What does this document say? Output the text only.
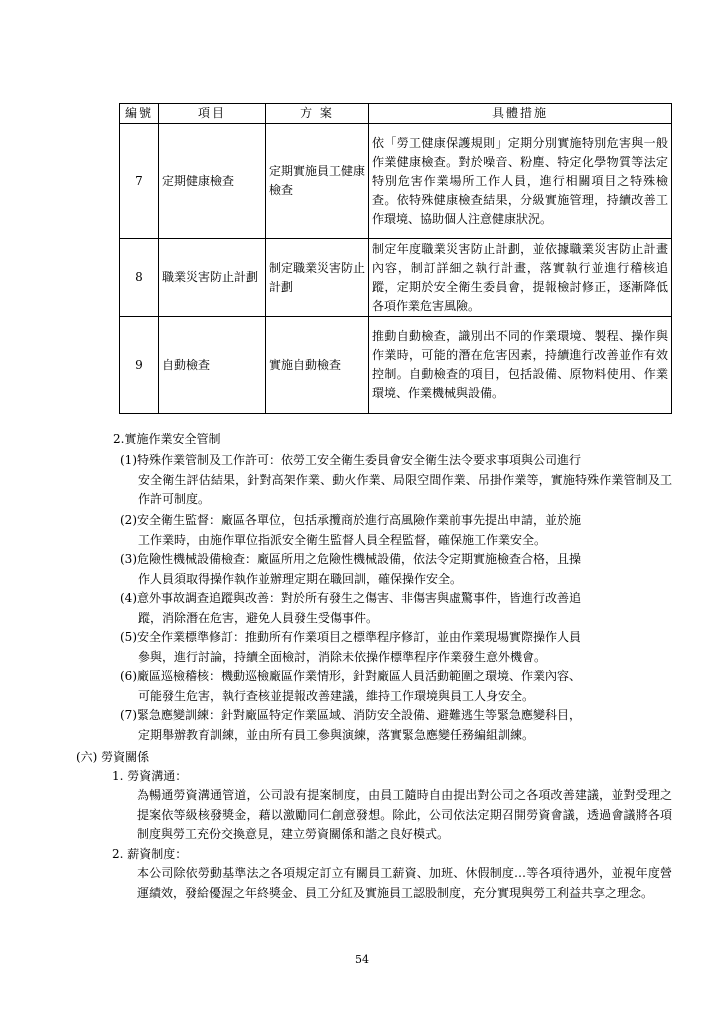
編號	項目	方 案	具體措施
7	定期健康檢查	定期實施員工健康檢查	依「勞工健康保護規則」定期分別實施特別危害與一般作業健康檢查。對於噪音、粉塵、特定化學物質等法定特別危害作業場所工作人員，進行相關項目之特殊檢查。依特殊健康檢查結果，分級實施管理，持續改善工作環境、協助個人注意健康狀況。
8	職業災害防止計劃	制定職業災害防止計劃	制定年度職業災害防止計劃，並依據職業災害防止計畫內容，制訂詳細之執行計畫，落實執行並進行稽核追蹤，定期於安全衛生委員會，提報檢討修正，逐漸降低各項作業危害風險。
9	自動檢查	實施自動檢查	推動自動檢查，識別出不同的作業環境、製程、操作與作業時，可能的潛在危害因素，持續進行改善並作有效控制。自動檢查的項目，包括設備、原物料使用、作業環境、作業機械與設備。
2.實施作業安全管制
(1)特殊作業管制及工作許可：依勞工安全衛生委員會安全衛生法令要求事項與公司進行
安全衛生評估結果，針對高架作業、動火作業、局限空間作業、吊掛作業等，實施特殊作業管制及工作許可制度。
(2)安全衛生監督：廠區各單位，包括承攬商於進行高風險作業前事先提出申請，並於施
工作業時，由施作單位指派安全衛生監督人員全程監督，確保施工作業安全。
(3)危險性機械設備檢查：廠區所用之危險性機械設備，依法令定期實施檢查合格，且操
作人員須取得操作執作並辦理定期在職回訓，確保操作安全。
(4)意外事故調查追蹤與改善：對於所有發生之傷害、非傷害與虛驚事件，皆進行改善追
蹤，消除潛在危害，避免人員發生受傷事件。
(5)安全作業標準修訂：推動所有作業項目之標準程序修訂，並由作業現場實際操作人員
參與，進行討論，持續全面檢討，消除未依操作標準程序作業發生意外機會。
(6)廠區巡檢稽核：機動巡檢廠區作業情形，針對廠區人員活動範圍之環境、作業內容、
可能發生危害，執行查核並提報改善建議，維持工作環境與員工人身安全。
(7)緊急應變訓練：針對廠區特定作業區域、消防安全設備、避難逃生等緊急應變科目，
定期舉辦教育訓練，並由所有員工參與演練，落實緊急應變任務編組訓練。
(六) 勞資關係
1. 勞資溝通：
為暢通勞資溝通管道，公司設有提案制度，由員工隨時自由提出對公司之各項改善建議，並對受理之提案依等級核發獎金，藉以激勵同仁創意發想。除此，公司依法定期召開勞資會議，透過會議將各項制度與勞工充份交換意見，建立勞資關係和諧之良好模式。
2. 薪資制度：
本公司除依勞動基準法之各項規定訂立有關員工薪資、加班、休假制度…等各項待遇外，並視年度營運績效，發給優渥之年終獎金、員工分紅及實施員工認股制度，充分實現與勞工利益共享之理念。
54
